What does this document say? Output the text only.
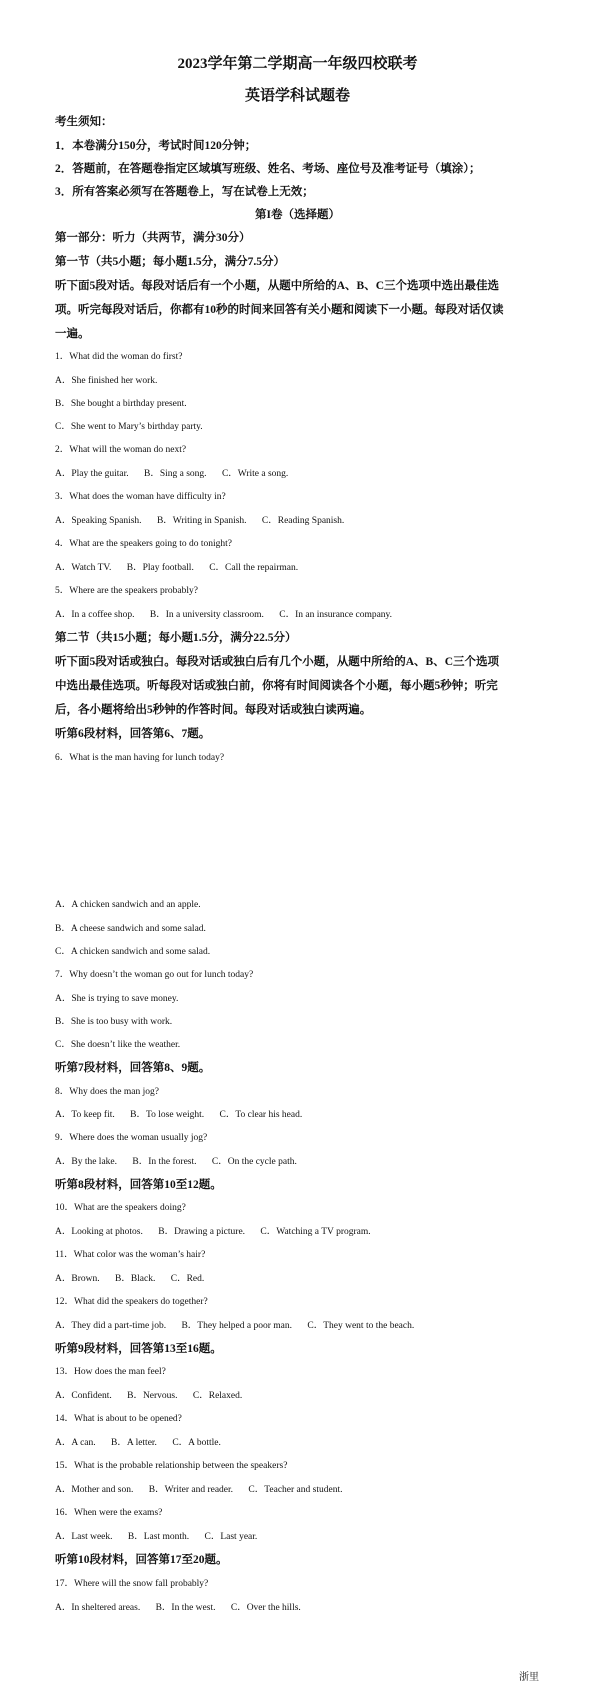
2023学年第二学期高一年级四校联考
英语学科试题卷
考生须知：
1．本卷满分150分，考试时间120分钟；
2．答题前，在答题卷指定区域填写班级、姓名、考场、座位号及准考证号（填涂）；
3．所有答案必须写在答题卷上，写在试卷上无效；
第I卷（选择题）
第一部分：听力（共两节，满分30分）
第一节（共5小题；每小题1.5分，满分7.5分）
听下面5段对话。每段对话后有一个小题，从题中所给的A、B、C三个选项中选出最佳选
项。听完每段对话后，你都有10秒的时间来回答有关小题和阅读下一小题。每段对话仅读
一遍。
1．What did the woman do first?
A．She finished her work.
B．She bought a birthday present.
C．She went to Mary’s birthday party.
2．What will the woman do next?
A．Play the guitar. B．Sing a song. C．Write a song.
3．What does the woman have difficulty in?
A．Speaking Spanish. B．Writing in Spanish. C．Reading Spanish.
4．What are the speakers going to do tonight?
A．Watch TV. B．Play football. C．Call the repairman.
5．Where are the speakers probably?
A．In a coffee shop. B．In a university classroom. C．In an insurance company.
第二节（共15小题；每小题1.5分，满分22.5分）
听下面5段对话或独白。每段对话或独白后有几个小题，从题中所给的A、B、C三个选项
中选出最佳选项。听每段对话或独白前，你将有时间阅读各个小题，每小题5秒钟；听完
后，各小题将给出5秒钟的作答时间。每段对话或独白读两遍。
听第6段材料，回答第6、7题。
6．What is the man having for lunch today?
A．A chicken sandwich and an apple.
B．A cheese sandwich and some salad.
C．A chicken sandwich and some salad.
7．Why doesn’t the woman go out for lunch today?
A．She is trying to save money.
B．She is too busy with work.
C．She doesn’t like the weather.
听第7段材料，回答第8、9题。
8．Why does the man jog?
A．To keep fit. B．To lose weight. C．To clear his head.
9．Where does the woman usually jog?
A．By the lake. B．In the forest. C．On the cycle path.
听第8段材料，回答第10至12题。
10．What are the speakers doing?
A．Looking at photos. B．Drawing a picture. C．Watching a TV program.
11．What color was the woman’s hair?
A．Brown. B．Black. C．Red.
12．What did the speakers do together?
A．They did a part-time job. B．They helped a poor man. C．They went to the beach.
听第9段材料，回答第13至16题。
13．How does the man feel?
A．Confident. B．Nervous. C．Relaxed.
14．What is about to be opened?
A．A can. B．A letter. C．A bottle.
15．What is the probable relationship between the speakers?
A．Mother and son. B．Writer and reader. C．Teacher and student.
16．When were the exams?
A．Last week. B．Last month. C．Last year.
听第10段材料，回答第17至20题。
17．Where will the snow fall probably?
A．In sheltered areas. B．In the west. C．Over the hills.
浙里
